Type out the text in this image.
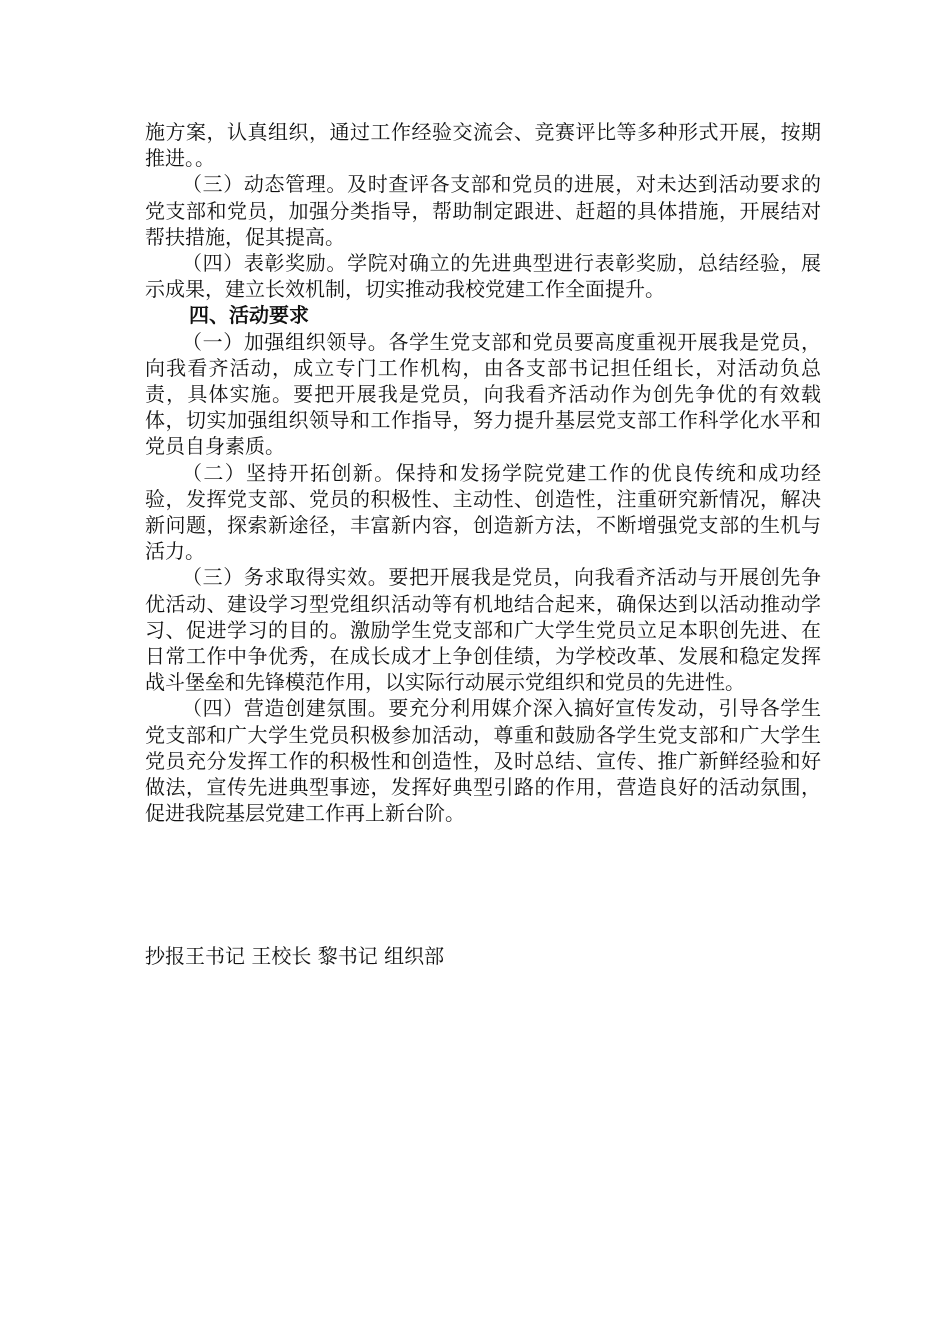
施方案，认真组织，通过工作经验交流会、竞赛评比等多种形式开展，按期推进。。

（三）动态管理。及时查评各支部和党员的进展，对未达到活动要求的党支部和党员，加强分类指导，帮助制定跟进、赶超的具体措施，开展结对帮扶措施，促其提高。

（四）表彰奖励。学院对确立的先进典型进行表彰奖励，总结经验，展示成果，建立长效机制，切实推动我校党建工作全面提升。

四、活动要求

（一）加强组织领导。各学生党支部和党员要高度重视开展我是党员，向我看齐活动，成立专门工作机构，由各支部书记担任组长，对活动负总责，具体实施。要把开展我是党员，向我看齐活动作为创先争优的有效载体，切实加强组织领导和工作指导，努力提升基层党支部工作科学化水平和党员自身素质。

（二）坚持开拓创新。保持和发扬学院党建工作的优良传统和成功经验，发挥党支部、党员的积极性、主动性、创造性，注重研究新情况，解决新问题，探索新途径，丰富新内容，创造新方法，不断增强党支部的生机与活力。

（三）务求取得实效。要把开展我是党员，向我看齐活动与开展创先争优活动、建设学习型党组织活动等有机地结合起来，确保达到以活动推动学习、促进学习的目的。激励学生党支部和广大学生党员立足本职创先进、在日常工作中争优秀，在成长成才上争创佳绩，为学校改革、发展和稳定发挥战斗堡垒和先锋模范作用，以实际行动展示党组织和党员的先进性。

（四）营造创建氛围。要充分利用媒介深入搞好宣传发动，引导各学生党支部和广大学生党员积极参加活动，尊重和鼓励各学生党支部和广大学生党员充分发挥工作的积极性和创造性，及时总结、宣传、推广新鲜经验和好做法，宣传先进典型事迹，发挥好典型引路的作用，营造良好的活动氛围，促进我院基层党建工作再上新台阶。

抄报王书记 王校长 黎书记 组织部
